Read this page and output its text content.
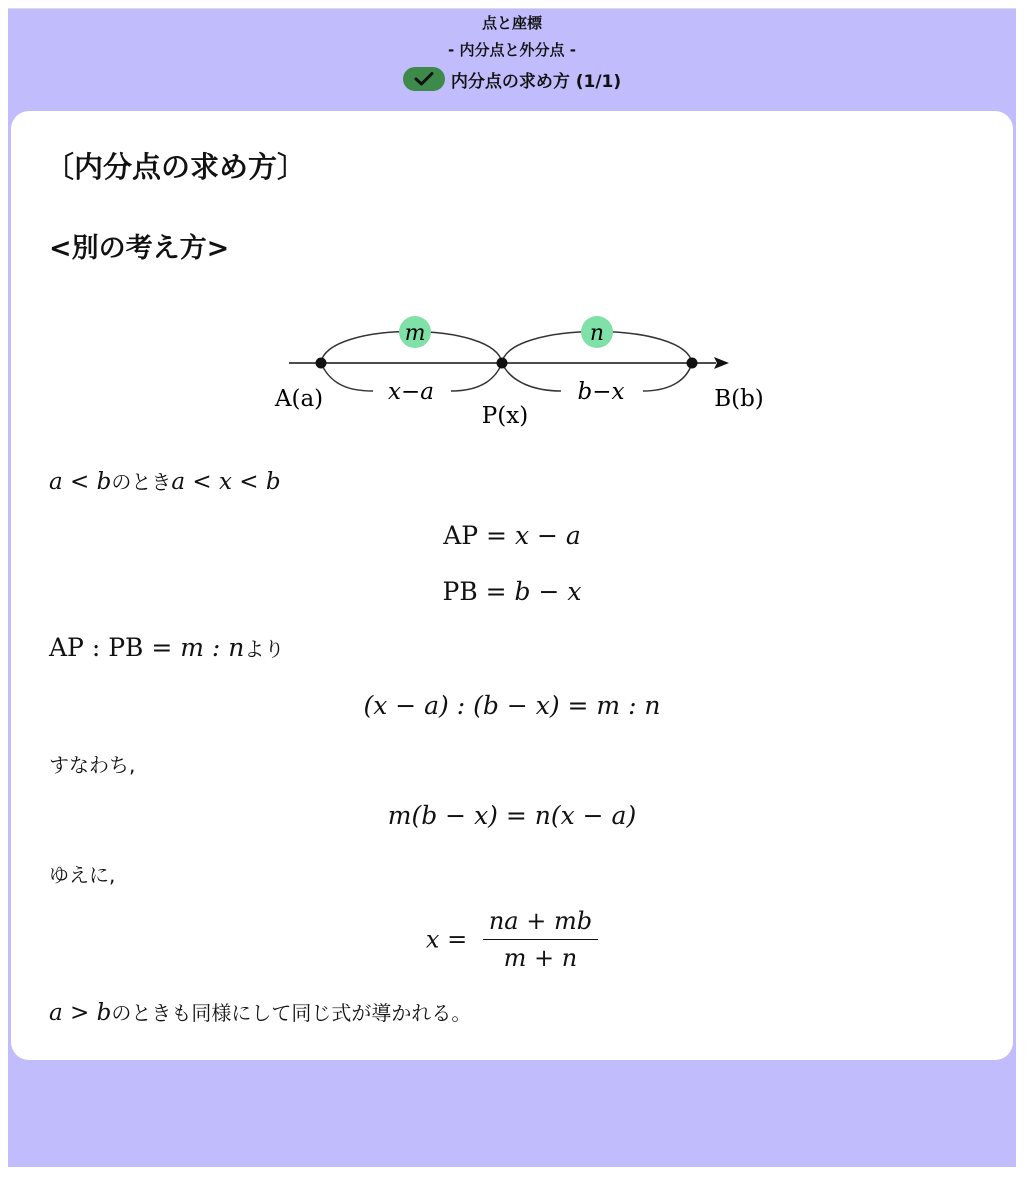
点と座標
- 内分点と外分点 -
内分点の求め方 (1/1)
〔内分点の求め方〕
<別の考え方>
m	n
x−a	b−x
A(a)
P(x)
B(b)
a < bのときa < x < b
AP = x − a
PB = b − x
AP : PB = m : nより
(x − a) : (b − x) = m : n
すなわち,
m(b − x) = n(x − a)
ゆえに,
$x = \frac{na + mb}{m + n}$
a > bのときも同様にして同じ式が導かれる。
